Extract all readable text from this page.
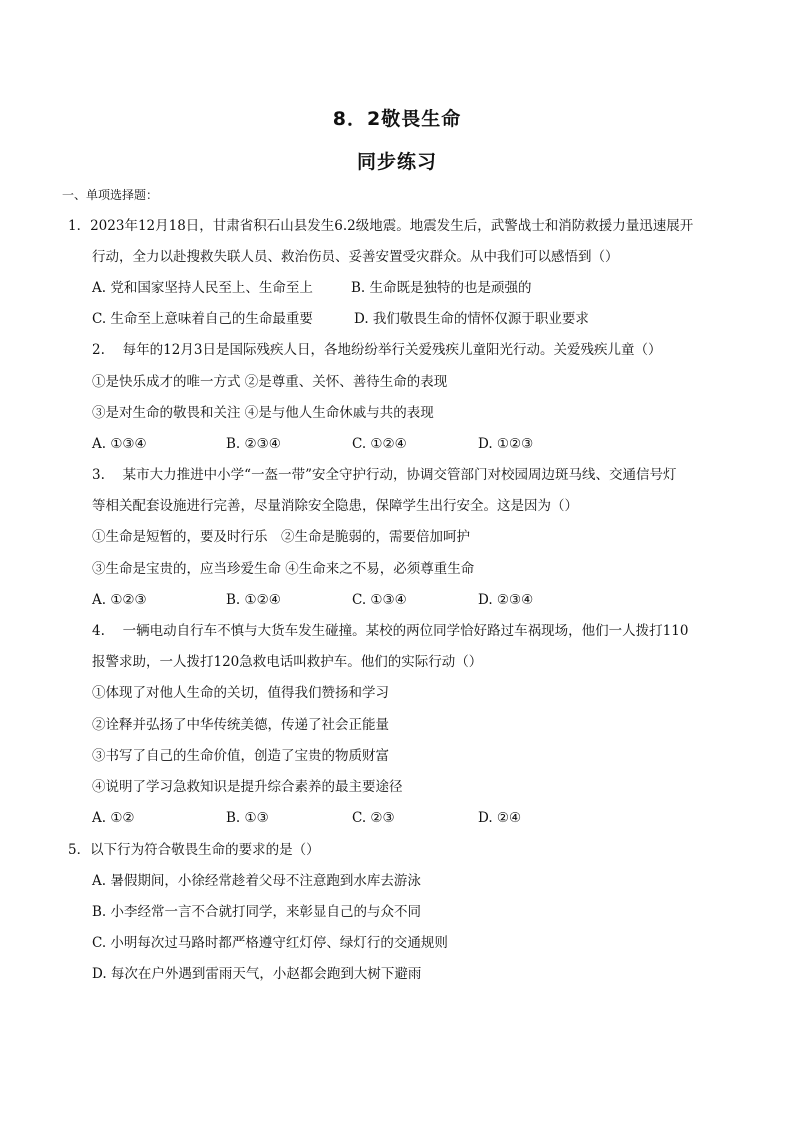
8．2敬畏生命
同步练习
一、单项选择题：
1．2023年12月18日，甘肃省积石山县发生6.2级地震。地震发生后，武警战士和消防救援力量迅速展开
行动，全力以赴搜救失联人员、救治伤员、妥善安置受灾群众。从中我们可以感悟到（）
A. 党和国家坚持人民至上、生命至上	B. 生命既是独特的也是顽强的
C. 生命至上意味着自己的生命最重要	D. 我们敬畏生命的情怀仅源于职业要求
2.　 每年的12月3日是国际残疾人日，各地纷纷举行关爱残疾儿童阳光行动。关爱残疾儿童（）
①是快乐成才的唯一方式 ②是尊重、关怀、善待生命的表现
③是对生命的敬畏和关注 ④是与他人生命休戚与共的表现
A. ①③④	B. ②③④	C. ①②④	D. ①②③
3.　 某市大力推进中小学“一盔一带”安全守护行动，协调交管部门对校园周边斑马线、交通信号灯
等相关配套设施进行完善，尽量消除安全隐患，保障学生出行安全。这是因为（）
①生命是短暂的，要及时行乐　②生命是脆弱的，需要倍加呵护
③生命是宝贵的，应当珍爱生命 ④生命来之不易，必须尊重生命
A. ①②③	B. ①②④	C. ①③④	D. ②③④
4.　 一辆电动自行车不慎与大货车发生碰撞。某校的两位同学恰好路过车祸现场，他们一人拨打110
报警求助，一人拨打120急救电话叫救护车。他们的实际行动（）
①体现了对他人生命的关切，值得我们赞扬和学习
②诠释并弘扬了中华传统美德，传递了社会正能量
③书写了自己的生命价值，创造了宝贵的物质财富
④说明了学习急救知识是提升综合素养的最主要途径
A. ①②	B. ①③	C. ②③	D. ②④
5．以下行为符合敬畏生命的要求的是（）
A. 暑假期间，小徐经常趁着父母不注意跑到水库去游泳
B. 小李经常一言不合就打同学，来彰显自己的与众不同
C. 小明每次过马路时都严格遵守红灯停、绿灯行的交通规则
D. 每次在户外遇到雷雨天气，小赵都会跑到大树下避雨
